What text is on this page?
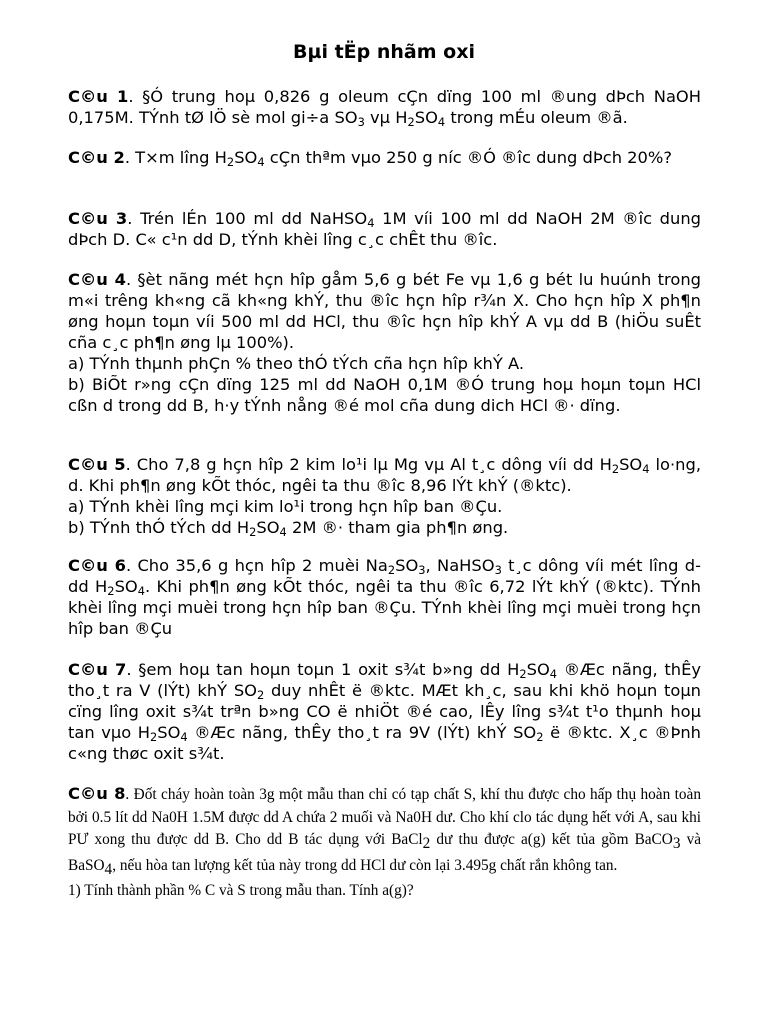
Bµi tËp nhãm oxi

C©u 1. §Ó trung hoµ 0,826 g oleum cÇn dïng 100 ml ®ung dÞch NaOH 0,175M. TÝnh tØ lÖ sè mol gi÷a $SO_3$ vµ $H_2SO_4$ trong mÉu oleum ®ã.

C©u 2. T×m lîng $H_2SO_4$ cÇn thªm vµo 250 g níc ®Ó ®îc dung dÞch 20%?

C©u 3. Trén lÉn 100 ml dd NaHSO$_4$ 1M víi 100 ml dd NaOH 2M ®îc dung dÞch D. C« c¹n dd D, tÝnh khèi lîng c¸c chÊt thu ®îc.

C©u 4. §èt nãng mét hçn hîp gåm 5,6 g bét Fe vµ 1,6 g bét lu huúnh trong m«i trêng kh«ng cã kh«ng khÝ, thu ®îc hçn hîp r¾n X. Cho hçn hîp X ph¶n øng hoµn toµn víi 500 ml dd HCl, thu ®îc hçn hîp khÝ A vµ dd B (hiÖu suÊt cña c¸c ph¶n øng lµ 100%).

a) TÝnh thµnh phÇn % theo thÓ tÝch cña hçn hîp khÝ A.

b) BiÕt r»ng cÇn dïng 125 ml dd NaOH 0,1M ®Ó trung hoµ hoµn toµn HCl cßn d trong dd B, h·y tÝnh nång ®é mol cña dung dich HCl ®· dïng.

C©u 5. Cho 7,8 g hçn hîp 2 kim lo¹i lµ Mg vµ Al t¸c dông víi dd $H_2SO_4$ lo·ng, d. Khi ph¶n øng kÕt thóc, ngêi ta thu ®îc 8,96 lÝt khÝ (®ktc).

a) TÝnh khèi lîng mçi kim lo¹i trong hçn hîp ban ®Çu.

b) TÝnh thÓ tÝch dd $H_2SO_4$ 2M ®· tham gia ph¶n øng.

C©u 6. Cho 35,6 g hçn hîp 2 muèi $Na_2SO_3$, NaHSO$_3$ t¸c dông víi mét lîng d dd $H_2SO_4$. Khi ph¶n øng kÕt thóc, ngêi ta thu ®îc 6,72 lÝt khÝ (®ktc). TÝnh khèi lîng mçi muèi trong hçn hîp ban ®Çu. TÝnh khèi lîng mçi muèi trong hçn hîp ban ®Çu

C©u 7. §em hoµ tan hoµn toµn 1 oxit s¾t b»ng dd $H_2SO_4$ ®Æc nãng, thÊy tho¸t ra V (lÝt) khÝ $SO_2$ duy nhÊt ë ®ktc. MÆt kh¸c, sau khi khö hoµn toµn cïng lîng oxit s¾t trªn b»ng CO ë nhiÖt ®é cao, lÊy lîng s¾t t¹o thµnh hoµ tan vµo $H_2SO_4$ ®Æc nãng, thÊy tho¸t ra 9V (lÝt) khÝ $SO_2$ ë ®ktc. X¸c ®Þnh c«ng thøc oxit s¾t.

C©u 8. Đốt cháy hoàn toàn 3g một mẫu than chỉ có tạp chất S, khí thu được cho hấp thụ hoàn toàn bởi 0.5 lít dd Na0H 1.5M được dd A chứa 2 muối và Na0H dư. Cho khí clo tác dụng hết với A, sau khi PƯ xong thu được dd B. Cho dd B tác dụng với BaCl$_2$ dư thu được a(g) kết tủa gồm BaCO$_3$ và BaSO$_4$, nếu hòa tan lượng kết tủa này trong dd HCl dư còn lại 3.495g chất rắn không tan.

1) Tính thành phần % C và S trong mẫu than. Tính a(g)?
